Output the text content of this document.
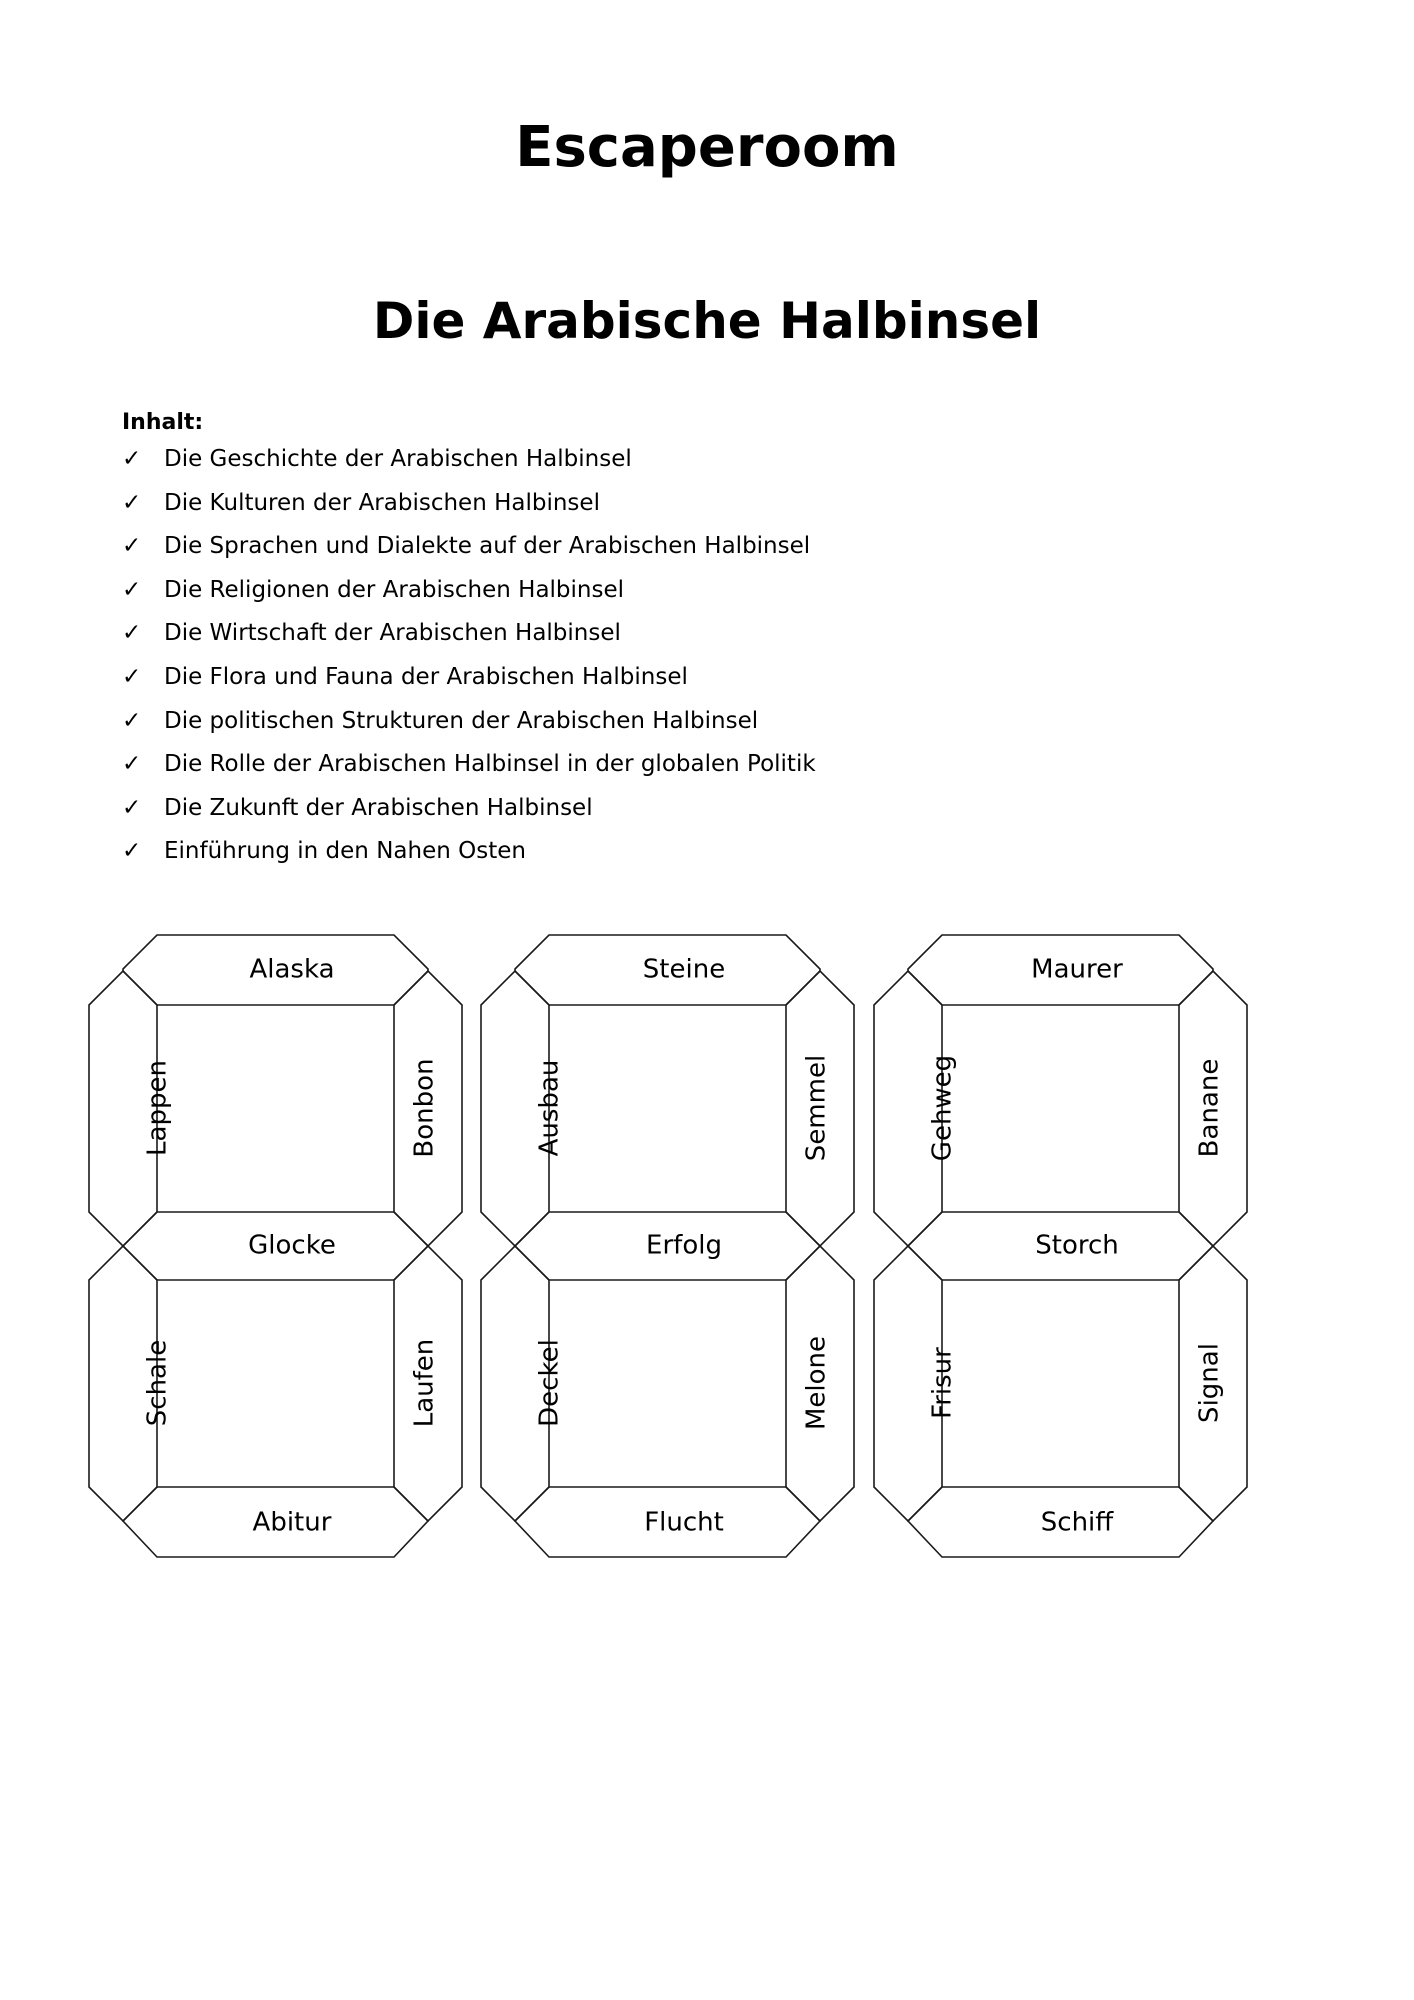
Escaperoom
Die Arabische Halbinsel
Inhalt:
✓ Die Geschichte der Arabischen Halbinsel
✓ Die Kulturen der Arabischen Halbinsel
✓ Die Sprachen und Dialekte auf der Arabischen Halbinsel
✓ Die Religionen der Arabischen Halbinsel
✓ Die Wirtschaft der Arabischen Halbinsel
✓ Die Flora und Fauna der Arabischen Halbinsel
✓ Die politischen Strukturen der Arabischen Halbinsel
✓ Die Rolle der Arabischen Halbinsel in der globalen Politik
✓ Die Zukunft der Arabischen Halbinsel
✓ Einführung in den Nahen Osten
Alaska
Lappen	Bonbon
Glocke
Schale	Laufen
Abitur
Steine
Ausbau	Semmel
Erfolg
Deckel	Melone
Flucht
Maurer
Gehweg	Banane
Storch
Frisur	Signal
Schiff
